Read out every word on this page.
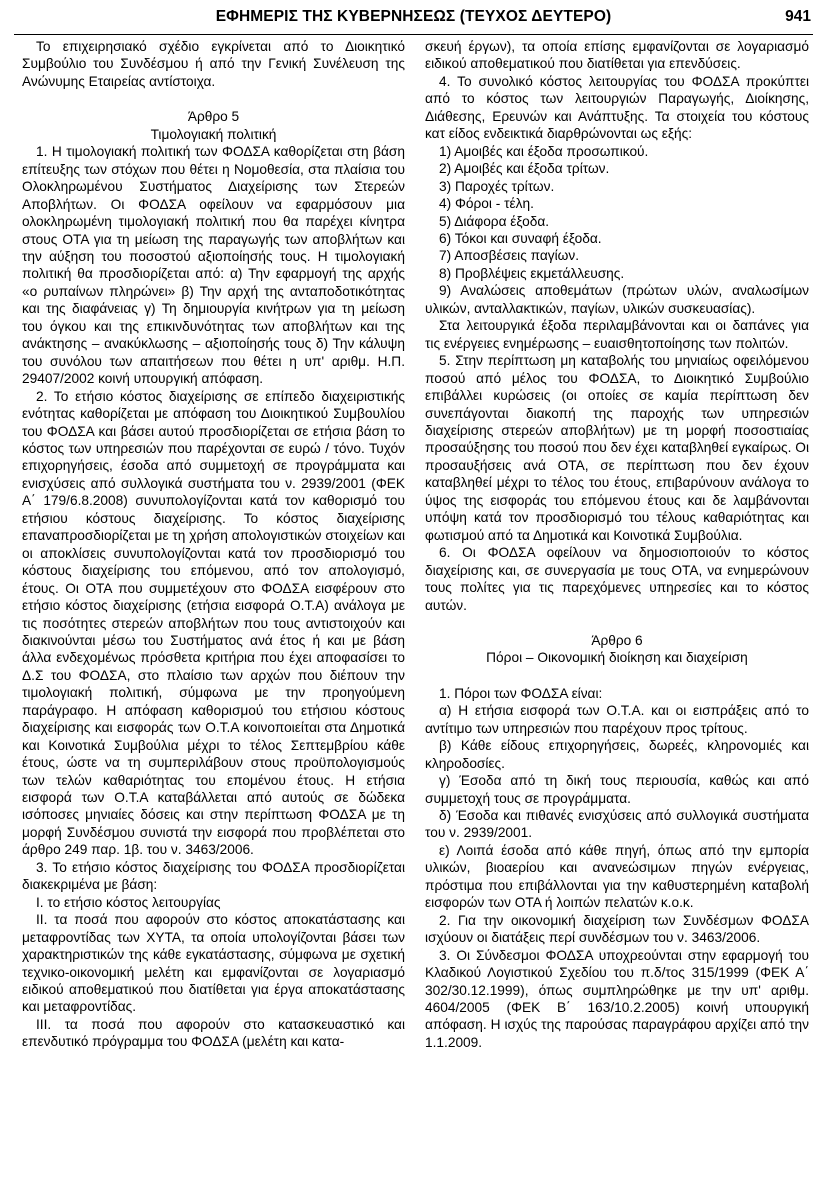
ΕΦΗΜΕΡΙΣ ΤΗΣ ΚΥΒΕΡΝΗΣΕΩΣ (ΤΕΥΧΟΣ ΔΕΥΤΕΡΟ)	941

Το επιχειρησιακό σχέδιο εγκρίνεται από το Διοικητικό Συμβούλιο του Συνδέσμου ή από την Γενική Συνέλευση της Ανώνυμης Εταιρείας αντίστοιχα.

Άρθρο 5

Τιμολογιακή πολιτική

1. Η τιμολογιακή πολιτική των ΦΟΔΣΑ καθορίζεται στη βάση επίτευξης των στόχων που θέτει η Νομοθεσία, στα πλαίσια του Ολοκληρωμένου Συστήματος Διαχείρισης των Στερεών Αποβλήτων. Οι ΦΟΔΣΑ οφείλουν να εφαρμόσουν μια ολοκληρωμένη τιμολογιακή πολιτική που θα παρέχει κίνητρα στους ΟΤΑ για τη μείωση της παραγωγής των αποβλήτων και την αύξηση του ποσοστού αξιοποίησής τους. Η τιμολογιακή πολιτική θα προσδιορίζεται από: α) Την εφαρμογή της αρχής «ο ρυπαίνων πληρώνει» β) Την αρχή της ανταποδοτικότητας και της διαφάνειας γ) Τη δημιουργία κινήτρων για τη μείωση του όγκου και της επικινδυνότητας των αποβλήτων και της ανάκτησης – ανακύκλωσης – αξιοποίησής τους δ) Την κάλυψη του συνόλου των απαιτήσεων που θέτει η υπ' αριθμ. Η.Π. 29407/2002 κοινή υπουργική απόφαση.

2. Το ετήσιο κόστος διαχείρισης σε επίπεδο διαχειριστικής ενότητας καθορίζεται με απόφαση του Διοικητικού Συμβουλίου του ΦΟΔΣΑ και βάσει αυτού προσδιορίζεται σε ετήσια βάση το κόστος των υπηρεσιών που παρέχονται σε ευρώ / τόνο. Τυχόν επιχορηγήσεις, έσοδα από συμμετοχή σε προγράμματα και ενισχύσεις από συλλογικά συστήματα του ν. 2939/2001 (ΦΕΚ Α΄ 179/6.8.2008) συνυπολογίζονται κατά τον καθορισμό του ετήσιου κόστους διαχείρισης. Το κόστος διαχείρισης επαναπροσδιορίζεται με τη χρήση απολογιστικών στοιχείων και οι αποκλίσεις συνυπολογίζονται κατά τον προσδιορισμό του κόστους διαχείρισης του επόμενου, από τον απολογισμό, έτους. Οι ΟΤΑ που συμμετέχουν στο ΦΟΔΣΑ εισφέρουν στο ετήσιο κόστος διαχείρισης (ετήσια εισφορά Ο.Τ.Α) ανάλογα με τις ποσότητες στερεών αποβλήτων που τους αντιστοιχούν και διακινούνται μέσω του Συστήματος ανά έτος ή και με βάση άλλα ενδεχομένως πρόσθετα κριτήρια που έχει αποφασίσει το Δ.Σ του ΦΟΔΣΑ, στο πλαίσιο των αρχών που διέπουν την τιμολογιακή πολιτική, σύμφωνα με την προηγούμενη παράγραφο. Η απόφαση καθορισμού του ετήσιου κόστους διαχείρισης και εισφοράς των Ο.Τ.Α κοινοποιείται στα Δημοτικά και Κοινοτικά Συμβούλια μέχρι το τέλος Σεπτεμβρίου κάθε έτους, ώστε να τη συμπεριλάβουν στους προϋπολογισμούς των τελών καθαριότητας του επομένου έτους. Η ετήσια εισφορά των Ο.Τ.Α καταβάλλεται από αυτούς σε δώδεκα ισόποσες μηνιαίες δόσεις και στην περίπτωση ΦΟΔΣΑ με τη μορφή Συνδέσμου συνιστά την εισφορά που προβλέπεται στο άρθρο 249 παρ. 1β. του ν. 3463/2006.

3. Το ετήσιο κόστος διαχείρισης του ΦΟΔΣΑ προσδιορίζεται διακεκριμένα με βάση:

Ι. το ετήσιο κόστος λειτουργίας

ΙΙ. τα ποσά που αφορούν στο κόστος αποκατάστασης και μεταφροντίδας των ΧΥΤΑ, τα οποία υπολογίζονται βάσει των χαρακτηριστικών της κάθε εγκατάστασης, σύμφωνα με σχετική τεχνικο-οικονομική μελέτη και εμφανίζονται σε λογαριασμό ειδικού αποθεματικού που διατίθεται για έργα αποκατάστασης και μεταφροντίδας.

ΙΙΙ. τα ποσά που αφορούν στο κατασκευαστικό και επενδυτικό πρόγραμμα του ΦΟΔΣΑ (μελέτη και κατα-

σκευή έργων), τα οποία επίσης εμφανίζονται σε λογαριασμό ειδικού αποθεματικού που διατίθεται για επενδύσεις.

4. Το συνολικό κόστος λειτουργίας του ΦΟΔΣΑ προκύπτει από το κόστος των λειτουργιών Παραγωγής, Διοίκησης, Διάθεσης, Ερευνών και Ανάπτυξης. Τα στοιχεία του κόστους κατ είδος ενδεικτικά διαρθρώνονται ως εξής:

1) Αμοιβές και έξοδα προσωπικού.

2) Αμοιβές και έξοδα τρίτων.

3) Παροχές τρίτων.

4) Φόροι - τέλη.

5) Διάφορα έξοδα.

6) Τόκοι και συναφή έξοδα.

7) Αποσβέσεις παγίων.

8) Προβλέψεις εκμετάλλευσης.

9) Αναλώσεις αποθεμάτων (πρώτων υλών, αναλωσίμων υλικών, ανταλλακτικών, παγίων, υλικών συσκευασίας).

Στα λειτουργικά έξοδα περιλαμβάνονται και οι δαπάνες για τις ενέργειες ενημέρωσης – ευαισθητοποίησης των πολιτών.

5. Στην περίπτωση μη καταβολής του μηνιαίως οφειλόμενου ποσού από μέλος του ΦΟΔΣΑ, το Διοικητικό Συμβούλιο επιβάλλει κυρώσεις (οι οποίες σε καμία περίπτωση δεν συνεπάγονται διακοπή της παροχής των υπηρεσιών διαχείρισης στερεών αποβλήτων) με τη μορφή ποσοστιαίας προσαύξησης του ποσού που δεν έχει καταβληθεί εγκαίρως. Οι προσαυξήσεις ανά ΟΤΑ, σε περίπτωση που δεν έχουν καταβληθεί μέχρι το τέλος του έτους, επιβαρύνουν ανάλογα το ύψος της εισφοράς του επόμενου έτους και δε λαμβάνονται υπόψη κατά τον προσδιορισμό του τέλους καθαριότητας και φωτισμού από τα Δημοτικά και Κοινοτικά Συμβούλια.

6. Οι ΦΟΔΣΑ οφείλουν να δημοσιοποιούν το κόστος διαχείρισης και, σε συνεργασία με τους ΟΤΑ, να ενημερώνουν τους πολίτες για τις παρεχόμενες υπηρεσίες και το κόστος αυτών.

Άρθρο 6

Πόροι – Οικονομική διοίκηση και διαχείριση

1. Πόροι των ΦΟΔΣΑ είναι:

α) Η ετήσια εισφορά των Ο.Τ.Α. και οι εισπράξεις από το αντίτιμο των υπηρεσιών που παρέχουν προς τρίτους.

β) Κάθε είδους επιχορηγήσεις, δωρεές, κληρονομιές και κληροδοσίες.

γ) Έσοδα από τη δική τους περιουσία, καθώς και από συμμετοχή τους σε προγράμματα.

δ) Έσοδα και πιθανές ενισχύσεις από συλλογικά συστήματα του ν. 2939/2001.

ε) Λοιπά έσοδα από κάθε πηγή, όπως από την εμπορία υλικών, βιοαερίου και ανανεώσιμων πηγών ενέργειας, πρόστιμα που επιβάλλονται για την καθυστερημένη καταβολή εισφορών των ΟΤΑ ή λοιπών πελατών κ.ο.κ.

2. Για την οικονομική διαχείριση των Συνδέσμων ΦΟΔΣΑ ισχύουν οι διατάξεις περί συνδέσμων του ν. 3463/2006.

3. Οι Σύνδεσμοι ΦΟΔΣΑ υποχρεούνται στην εφαρμογή του Κλαδικού Λογιστικού Σχεδίου του π.δ/τος 315/1999 (ΦΕΚ Α΄ 302/30.12.1999), όπως συμπληρώθηκε με την υπ' αριθμ. 4604/2005 (ΦΕΚ Β΄ 163/10.2.2005) κοινή υπουργική απόφαση. Η ισχύς της παρούσας παραγράφου αρχίζει από την 1.1.2009.
